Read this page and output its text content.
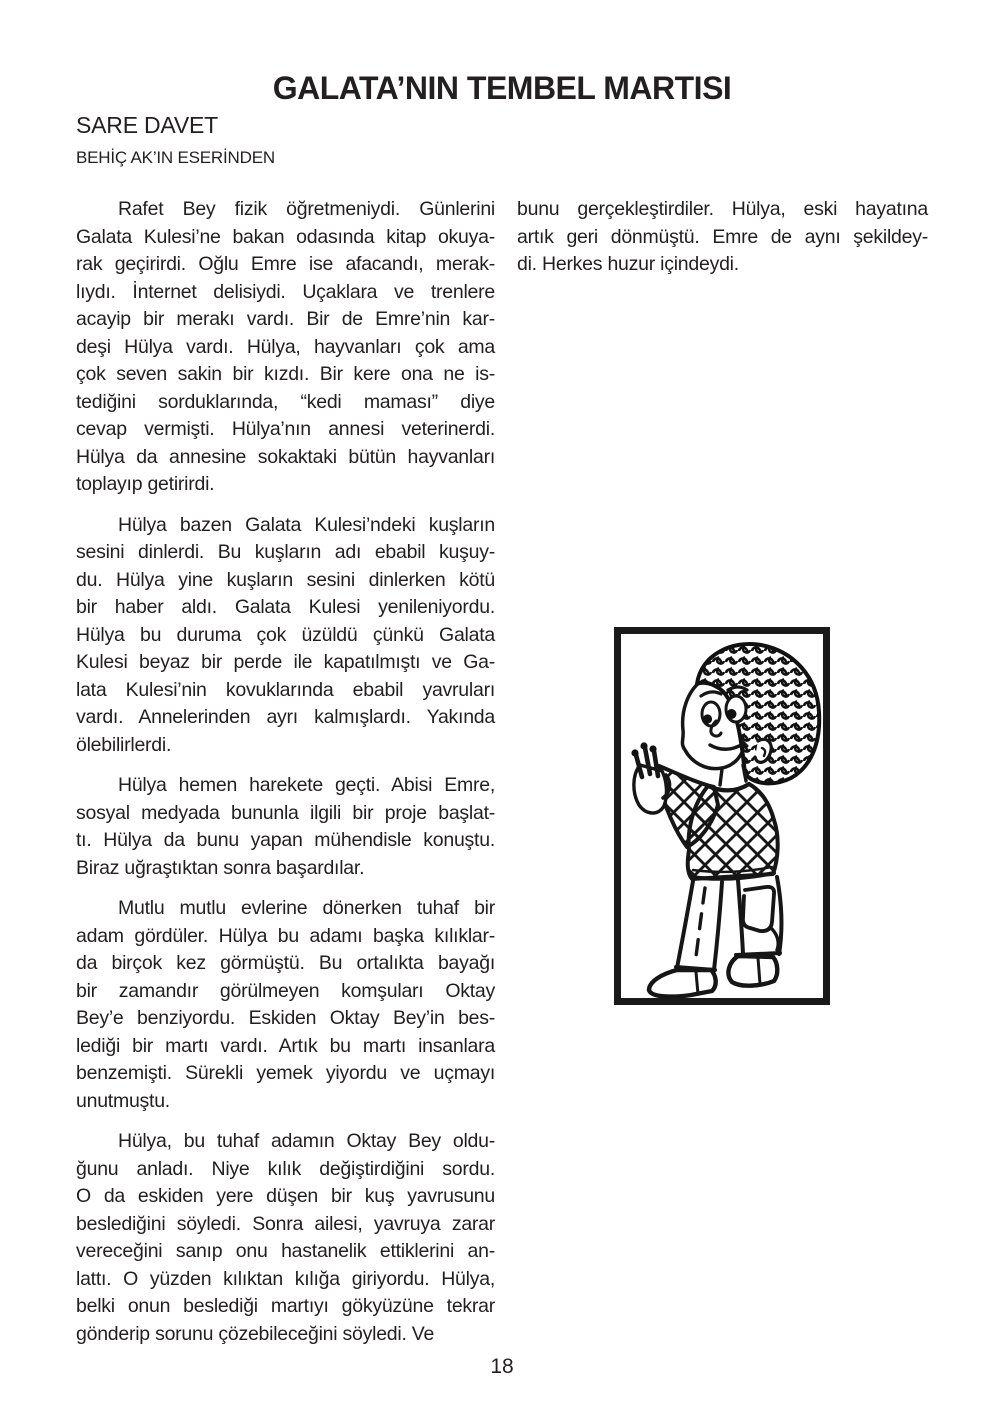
GALATA’NIN TEMBEL MARTISI
SARE DAVET
BEHİÇ AK’IN ESERİNDEN
Rafet Bey fizik öğretmeniydi. Günlerini
Galata Kulesi’ne bakan odasında kitap okuya-
rak geçirirdi. Oğlu Emre ise afacandı, merak-
lıydı. İnternet delisiydi. Uçaklara ve trenlere
acayip bir merakı vardı. Bir de Emre’nin kar-
deşi Hülya vardı. Hülya, hayvanları çok ama
çok seven sakin bir kızdı. Bir kere ona ne is-
tediğini sorduklarında, “kedi maması” diye
cevap vermişti. Hülya’nın annesi veterinerdi.
Hülya da annesine sokaktaki bütün hayvanları
toplayıp getirirdi.
Hülya bazen Galata Kulesi’ndeki kuşların
sesini dinlerdi. Bu kuşların adı ebabil kuşuy-
du. Hülya yine kuşların sesini dinlerken kötü
bir haber aldı. Galata Kulesi yenileniyordu.
Hülya bu duruma çok üzüldü çünkü Galata
Kulesi beyaz bir perde ile kapatılmıştı ve Ga-
lata Kulesi’nin kovuklarında ebabil yavruları
vardı. Annelerinden ayrı kalmışlardı. Yakında
ölebilirlerdi.
Hülya hemen harekete geçti. Abisi Emre,
sosyal medyada bununla ilgili bir proje başlat-
tı. Hülya da bunu yapan mühendisle konuştu.
Biraz uğraştıktan sonra başardılar.
Mutlu mutlu evlerine dönerken tuhaf bir
adam gördüler. Hülya bu adamı başka kılıklar-
da birçok kez görmüştü. Bu ortalıkta bayağı
bir zamandır görülmeyen komşuları Oktay
Bey’e benziyordu. Eskiden Oktay Bey’in bes-
lediği bir martı vardı. Artık bu martı insanlara
benzemişti. Sürekli yemek yiyordu ve uçmayı
unutmuştu.
Hülya, bu tuhaf adamın Oktay Bey oldu-
ğunu anladı. Niye kılık değiştirdiğini sordu.
O da eskiden yere düşen bir kuş yavrusunu
beslediğini söyledi. Sonra ailesi, yavruya zarar
vereceğini sanıp onu hastanelik ettiklerini an-
lattı. O yüzden kılıktan kılığa giriyordu. Hülya,
belki onun beslediği martıyı gökyüzüne tekrar
gönderip sorunu çözebileceğini söyledi. Ve
bunu gerçekleştirdiler. Hülya, eski hayatına
artık geri dönmüştü. Emre de aynı şekildey-
di. Herkes huzur içindeydi.
18
